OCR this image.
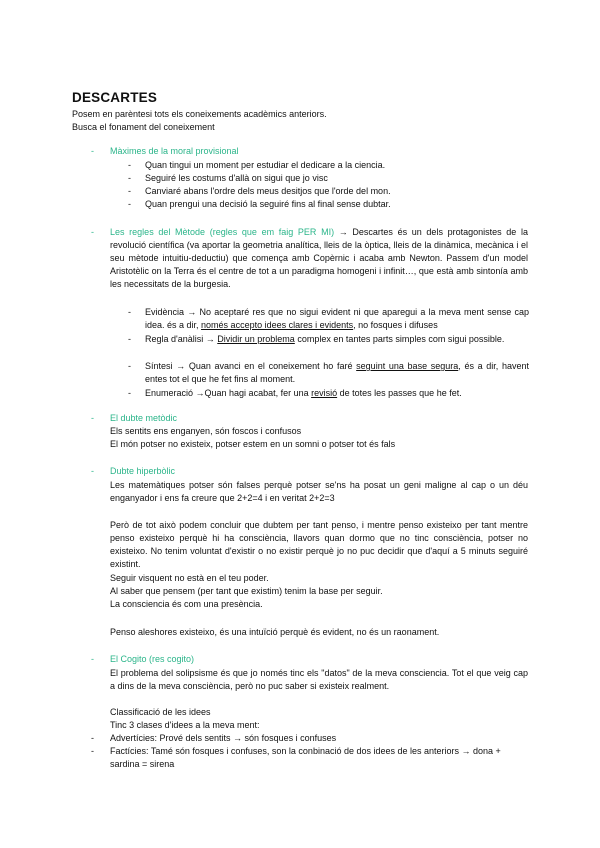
DESCARTES
Posem en parèntesi tots els coneixements acadèmics anteriors.
Busca el fonament del coneixement
-	Màximes de la moral provisional
-	Quan tingui un moment per estudiar el dedicare a la ciencia.
-	Seguiré les costums d'allà on sigui que jo visc
-	Canviaré abans l'ordre dels meus desitjos que l'orde del mon.
-	Quan prengui una decisió la seguiré fins al final sense dubtar.
-	Les regles del Mètode (regles que em faig PER MI) → Descartes és un dels protagonistes de la revolució científica (va aportar la geometria analítica, lleis de la òptica, lleis de la dinàmica, mecànica i el seu mètode intuitiu-deductiu) que comença amb Copèrnic i acaba amb Newton. Passem d'un model Aristotèlic on la Terra és el centre de tot a un paradigma homogeni i infinit…, que està amb sintonía amb les necessitats de la burgesia.
-	Evidència → No aceptaré res que no sigui evident ni que aparegui a la meva ment sense cap idea. és a dir, només accepto idees clares i evidents, no fosques i difuses
-	Regla d'anàlisi → Dividir un problema complex en tantes parts simples com sigui possible.
-	Síntesi → Quan avanci en el coneixement ho faré seguint una base segura, és a dir, havent entes tot el que he fet fins al moment.
-	Enumeració →Quan hagi acabat, fer una revisió de totes les passes que he fet.
-	El dubte metòdic
Els sentits ens enganyen, són foscos i confusos
El món potser no existeix, potser estem en un somni o potser tot és fals
-	Dubte hiperbòlic
Les matemàtiques potser són falses perquè potser se'ns ha posat un geni maligne al cap o un déu enganyador i ens fa creure que 2+2=4 i en veritat 2+2=3
Però de tot això podem concluir que dubtem per tant penso, i mentre penso existeixo per tant mentre penso existeixo perquè hi ha consciència, llavors quan dormo que no tinc consciència, potser no existeixo. No tenim voluntat d'existir o no existir perquè jo no puc decidir que d'aquí a 5 minuts seguiré existint.
Seguir visquent no està en el teu poder.
Al saber que pensem (per tant que existim) tenim la base per seguir.
La consciencia és com una presència.
Penso aleshores existeixo, és una intuïció perquè és evident, no és un raonament.
-	El Cogito (res cogito)
El problema del solipsisme és que jo només tinc els "datos" de la meva consciencia. Tot el que veig cap a dins de la meva consciència, però no puc saber si existeix realment.
Classificació de les idees
Tinc 3 clases d'idees a la meva ment:
-	Advertícies: Prové dels sentits → són fosques i confuses
-	Factícies: Tamé són fosques i confuses, son la conbinació de dos idees de les anteriors → dona + sardina = sirena
